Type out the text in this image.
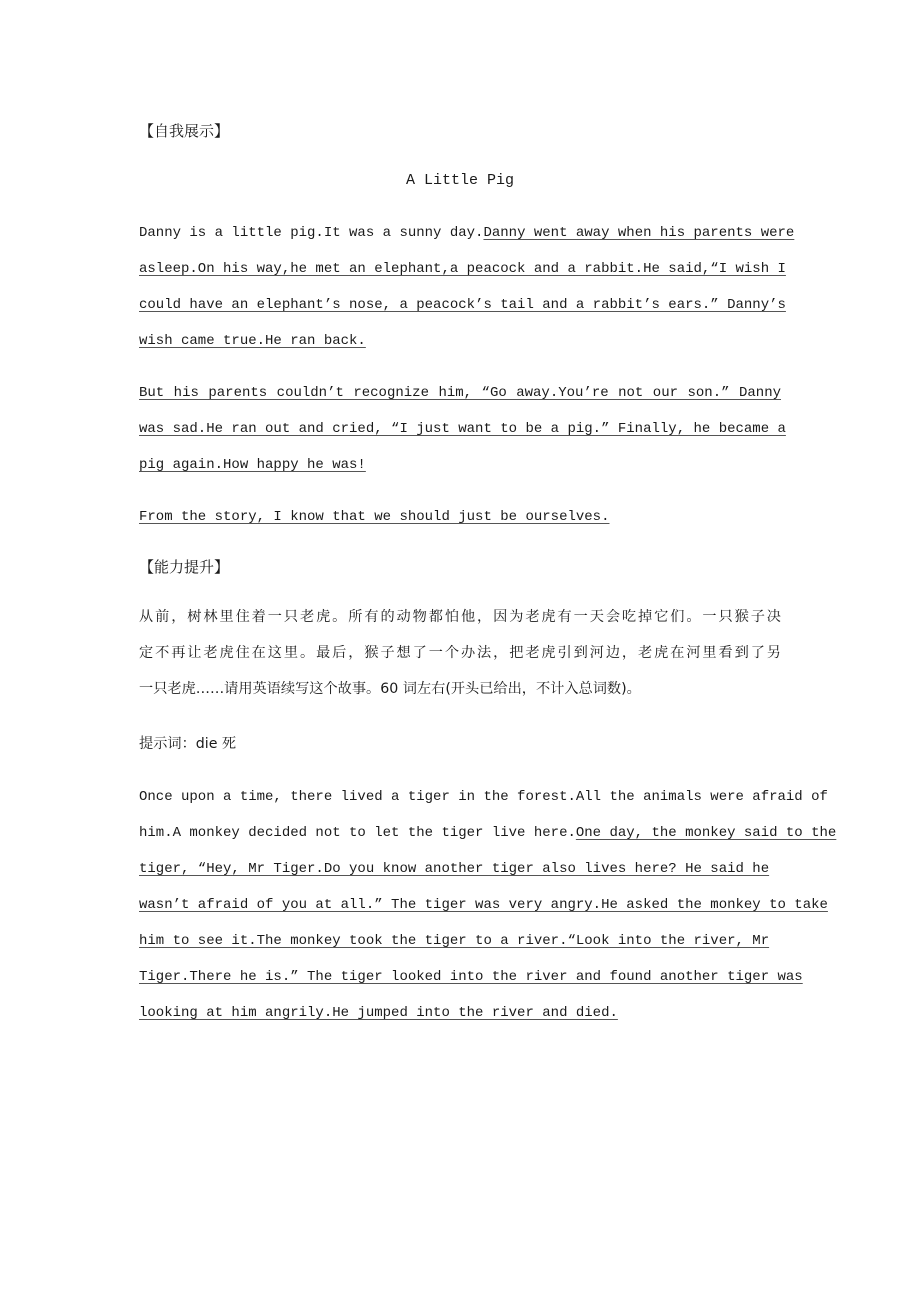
【自我展示】
A Little Pig
Danny is a little pig.It was a sunny day.Danny went away when his parents were
asleep.On his way,he met an elephant,a peacock and a rabbit.He said,“I wish I
could have an elephant’s nose, a peacock’s tail and a rabbit’s ears.” Danny’s
wish came true.He ran back.
But his parents couldn’t recognize him, “Go away.You’re not our son.” Danny
was sad.He ran out and cried, “I just want to be a pig.” Finally, he became a
pig again.How happy he was!
From the story, I know that we should just be ourselves.
【能力提升】
从前，树林里住着一只老虎。所有的动物都怕他，因为老虎有一天会吃掉它们。一只猴子决
定不再让老虎住在这里。最后，猴子想了一个办法，把老虎引到河边，老虎在河里看到了另
一只老虎……请用英语续写这个故事。60 词左右(开头已给出，不计入总词数)。
提示词：die 死
Once upon a time, there lived a tiger in the forest.All the animals were afraid of
him.A monkey decided not to let the tiger live here.One day, the monkey said to the
tiger, “Hey, Mr Tiger.Do you know another tiger also lives here? He said he
wasn’t afraid of you at all.” The tiger was very angry.He asked the monkey to take
him to see it.The monkey took the tiger to a river.“Look into the river, Mr
Tiger.There he is.” The tiger looked into the river and found another tiger was
looking at him angrily.He jumped into the river and died.
